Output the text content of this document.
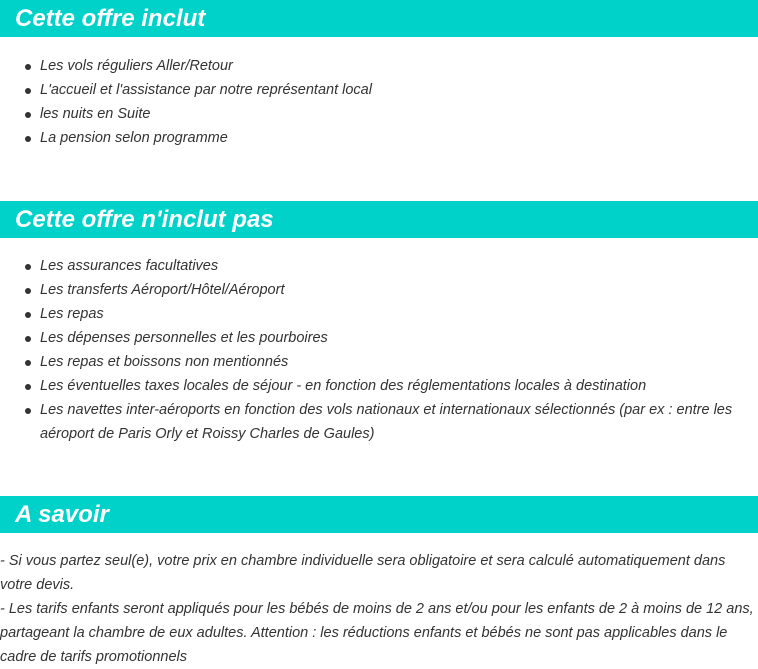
Cette offre inclut
Les vols réguliers Aller/Retour
L'accueil et l'assistance par notre représentant local
les nuits en Suite
La pension selon programme
Cette offre n'inclut pas
Les assurances facultatives
Les transferts Aéroport/Hôtel/Aéroport
Les repas
Les dépenses personnelles et les pourboires
Les repas et boissons non mentionnés
Les éventuelles taxes locales de séjour - en fonction des réglementations locales à destination
Les navettes inter-aéroports en fonction des vols nationaux et internationaux sélectionnés (par ex : entre les aéroport de Paris Orly et Roissy Charles de Gaules)
A savoir

- Si vous partez seul(e), votre prix en chambre individuelle sera obligatoire et sera calculé automatiquement dans votre devis.

- Les tarifs enfants seront appliqués pour les bébés de moins de 2 ans et/ou pour les enfants de 2 à moins de 12 ans, partageant la chambre de eux adultes. Attention : les réductions enfants et bébés ne sont pas applicables dans le cadre de tarifs promotionnels
